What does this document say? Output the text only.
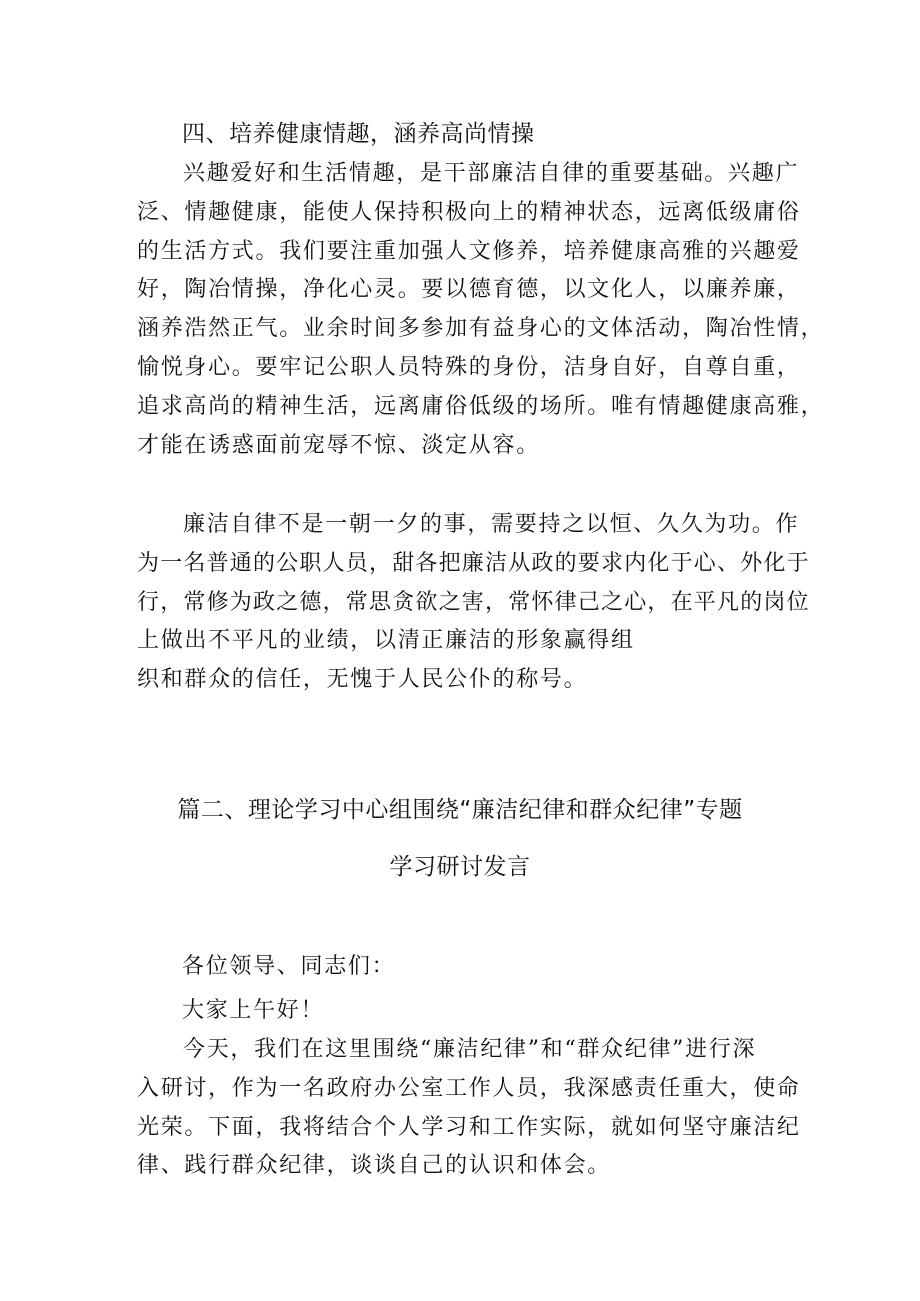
四、培养健康情趣，涵养高尚情操
兴趣爱好和生活情趣，是干部廉洁自律的重要基础。兴趣广
泛、情趣健康，能使人保持积极向上的精神状态，远离低级庸俗
的生活方式。我们要注重加强人文修养，培养健康高雅的兴趣爱
好，陶冶情操，净化心灵。要以德育德，以文化人，以廉养廉，
涵养浩然正气。业余时间多参加有益身心的文体活动，陶冶性情，
愉悦身心。要牢记公职人员特殊的身份，洁身自好，自尊自重，
追求高尚的精神生活，远离庸俗低级的场所。唯有情趣健康高雅，
才能在诱惑面前宠辱不惊、淡定从容。
廉洁自律不是一朝一夕的事，需要持之以恒、久久为功。作
为一名普通的公职人员，甜各把廉洁从政的要求内化于心、外化于
行，常修为政之德，常思贪欲之害，常怀律己之心，在平凡的岗位
上做出不平凡的业绩，以清正廉洁的形象赢得组
织和群众的信任，无愧于人民公仆的称号。
篇二、理论学习中心组围绕“廉洁纪律和群众纪律”专题
学习研讨发言
各位领导、同志们：
大家上午好！
今天，我们在这里围绕“廉洁纪律”和“群众纪律”进行深
入研讨，作为一名政府办公室工作人员，我深感责任重大，使命
光荣。下面，我将结合个人学习和工作实际，就如何坚守廉洁纪
律、践行群众纪律，谈谈自己的认识和体会。
